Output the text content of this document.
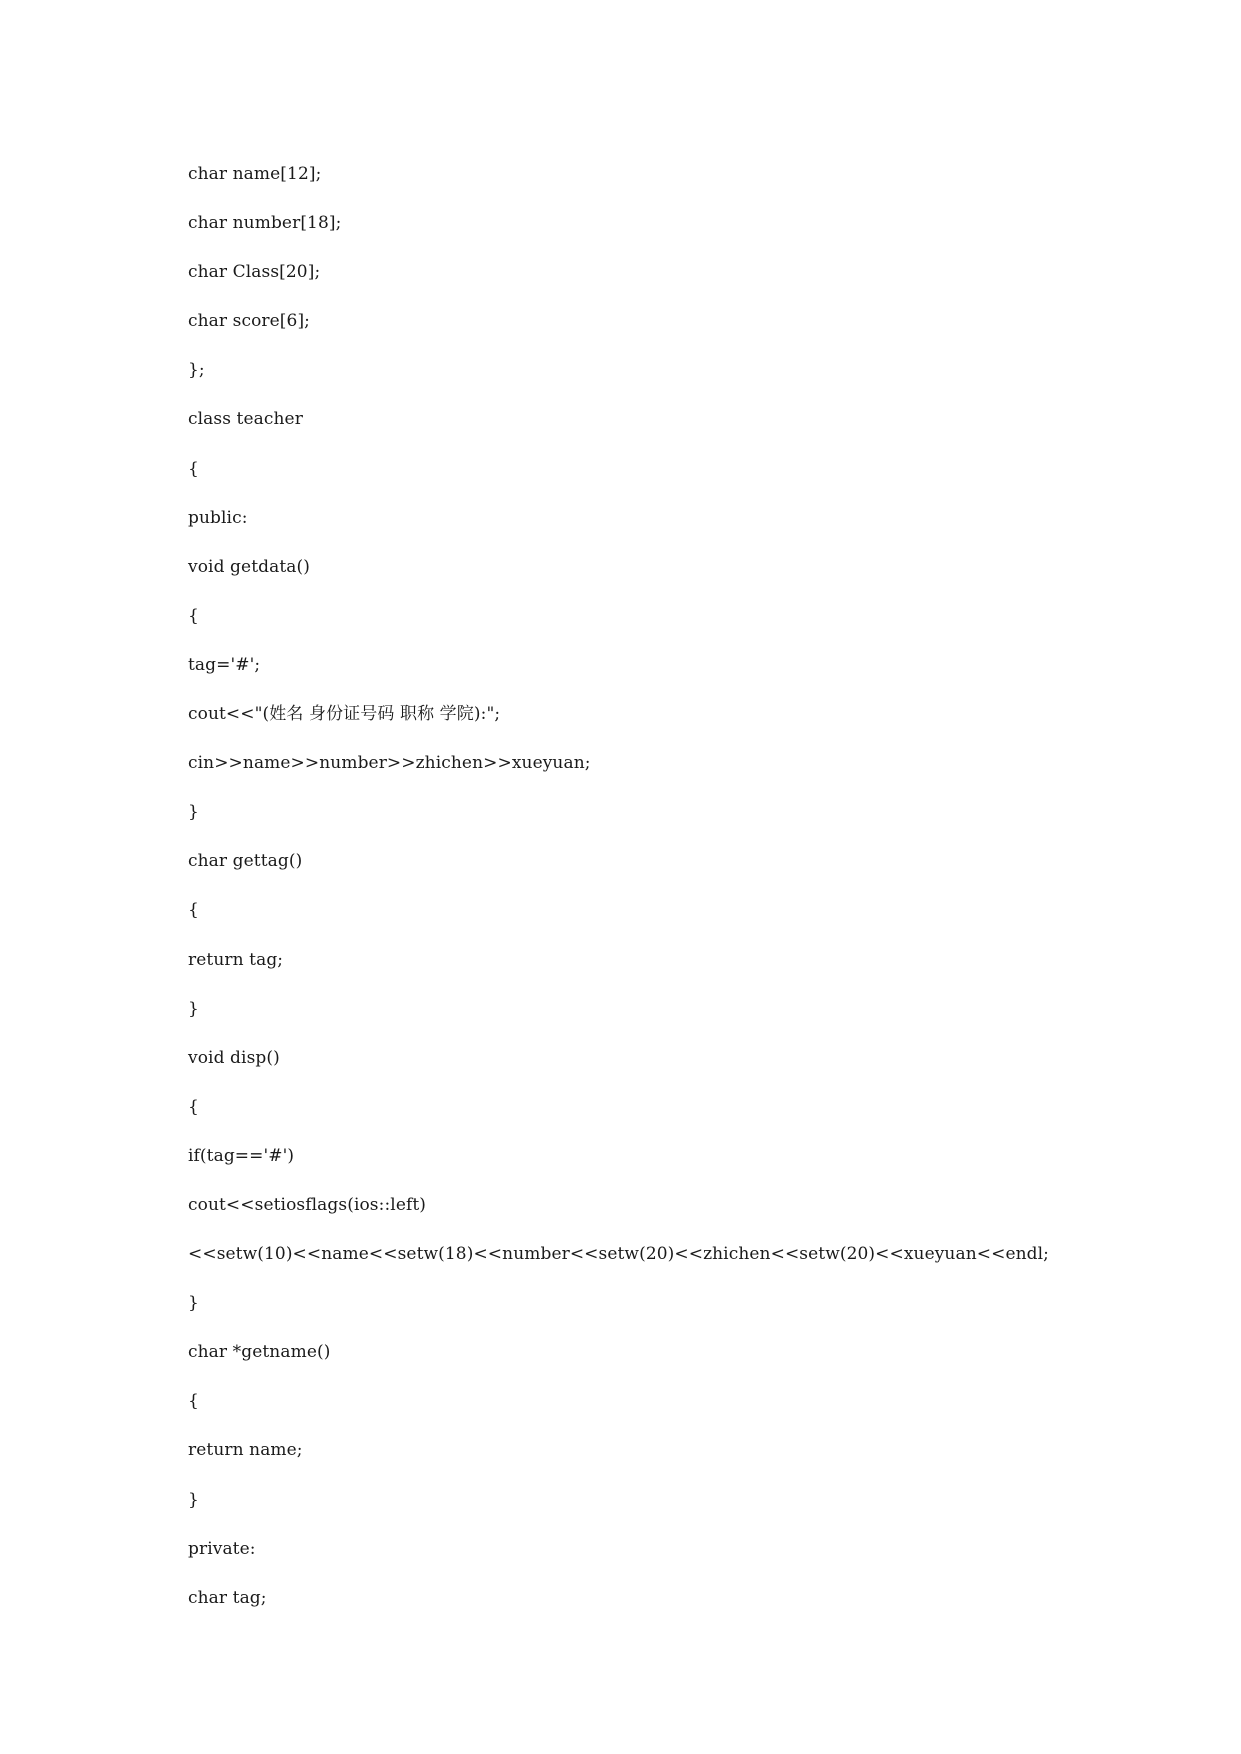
char name[12];
char number[18];
char Class[20];
char score[6];
};
class teacher
{
public:
void getdata()
{
tag='#';
cout<<"(姓名 身份证号码 职称 学院):";
cin>>name>>number>>zhichen>>xueyuan;
}
char gettag()
{
return tag;
}
void disp()
{
if(tag=='#')
cout<<setiosflags(ios::left)
<<setw(10)<<name<<setw(18)<<number<<setw(20)<<zhichen<<setw(20)<<xueyuan<<endl;
}
char *getname()
{
return name;
}
private:
char tag;
